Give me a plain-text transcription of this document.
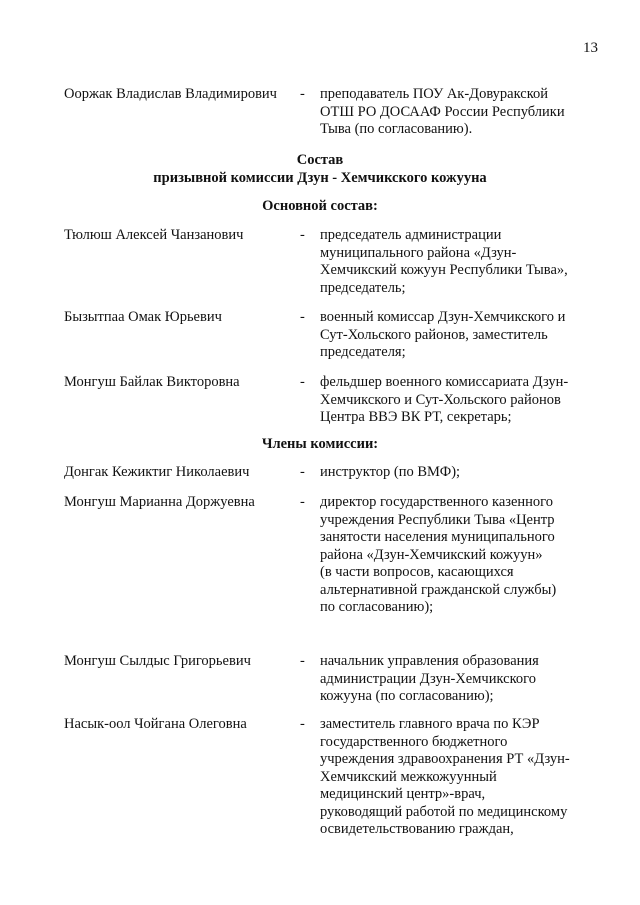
13
Ооржак Владислав Владимирович - преподаватель ПОУ Ак-Довуракской
ОТШ РО ДОСААФ России Республики
Тыва (по согласованию).
Состав
призывной комиссии Дзун - Хемчикского кожууна
Основной состав:
Тюлюш Алексей Чанзанович	- председатель администрации
муниципального района «Дзун-
Хемчикский кожуун Республики Тыва»,
председатель;
Бызытпаа Омак Юрьевич	- военный комиссар Дзун-Хемчикского и
Сут-Хольского районов, заместитель
председателя;
Монгуш Байлак Викторовна	- фельдшер военного комиссариата Дзун-
Хемчикского и Сут-Хольского районов
Центра ВВЭ ВК РТ, секретарь;
Члены комиссии:
Донгак Кежиктиг Николаевич	- инструктор (по ВМФ);
Монгуш Марианна Доржуевна	- директор государственного казенного
учреждения Республики Тыва «Центр
занятости населения муниципального
района «Дзун-Хемчикский кожуун»
(в части вопросов, касающихся
альтернативной гражданской службы)
по согласованию);
Монгуш Сылдыс Григорьевич	- начальник управления образования
администрации Дзун-Хемчикского
кожууна (по согласованию);
Насык-оол Чойгана Олеговна	- заместитель главного врача по КЭР
государственного бюджетного
учреждения здравоохранения РТ «Дзун-
Хемчикский межкожуунный
медицинский центр»-врач,
руководящий работой по медицинскому
освидетельствованию граждан,
